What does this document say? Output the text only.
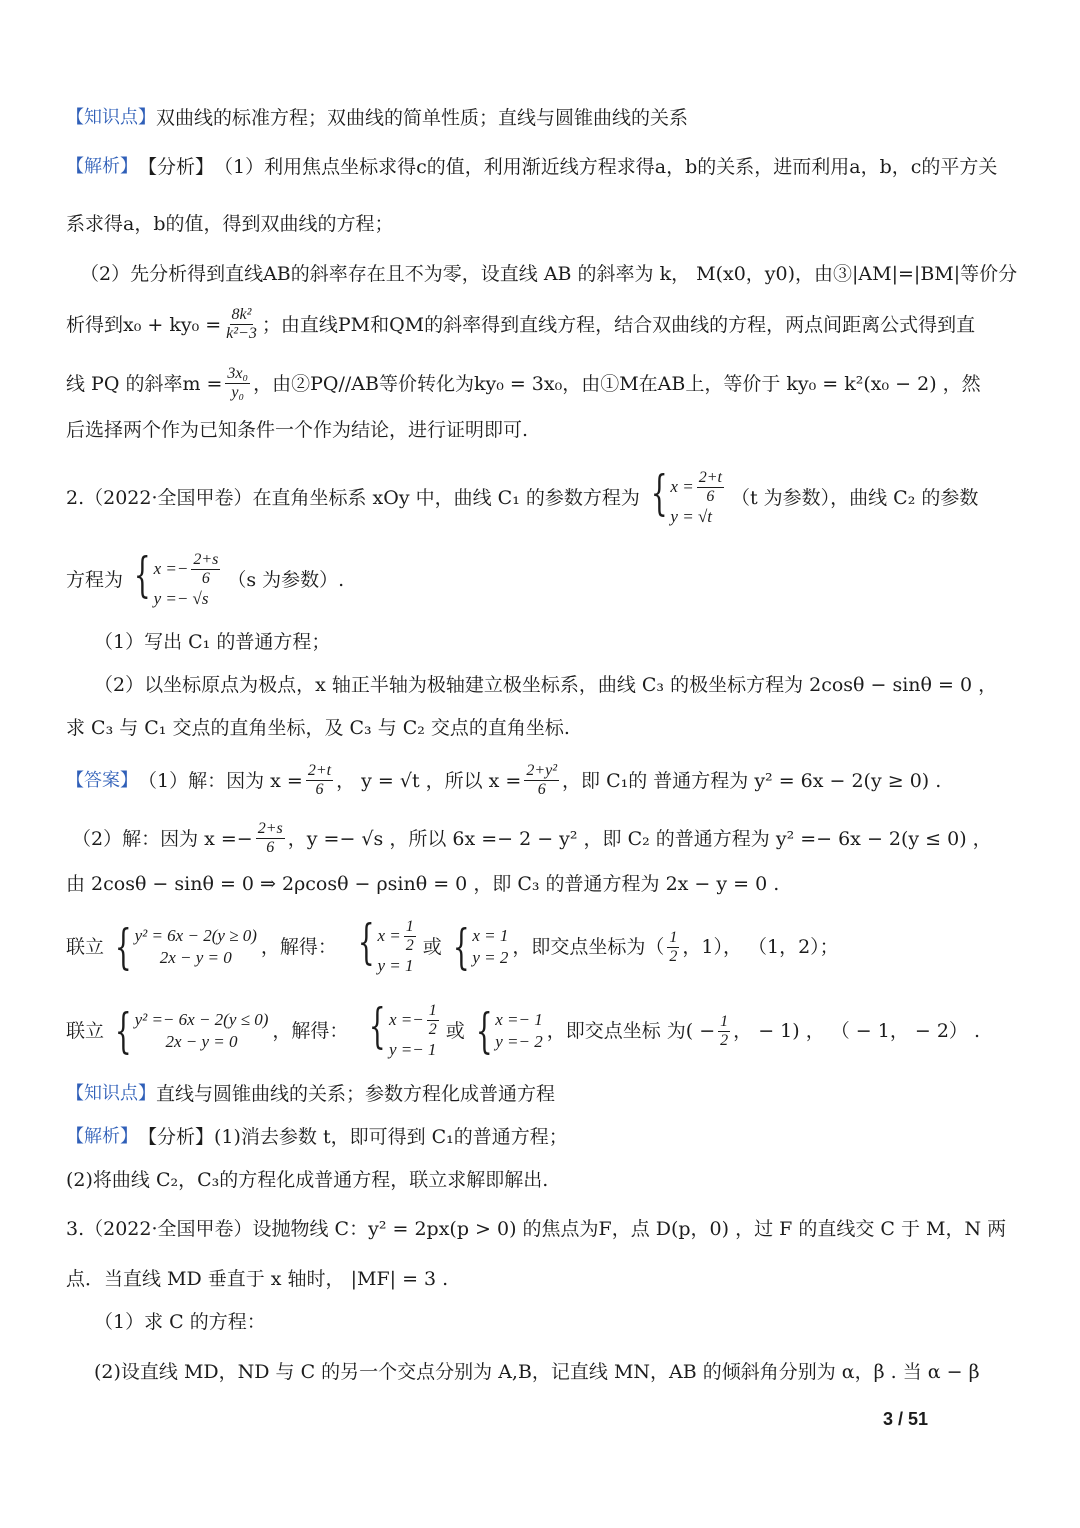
【知识点】 双曲线的标准方程；双曲线的简单性质；直线与圆锥曲线的关系
【解析】 【分析】 （1）利用焦点坐标求得c的值，利用渐近线方程求得a，b的关系，进而利用a，b，c的平方关
系求得a，b的值，得到双曲线的方程；
（2）先分析得到直线AB的斜率存在且不为零，设直线 AB 的斜率为 k， M(x0，y0)，由③|AM|=|BM|等价分
析得到$x_0 + ky_0 = \frac{\text{8k²}}{\text{k²−3}}$ ；由直线PM和QM的斜率得到直线方程，结合双曲线的方程，两点间距离公式得到直
线 PQ 的斜率$m = \frac{\text{3x₀}}{\text{y₀}}$ ，由②PQ//AB等价转化为ky₀ = 3x₀，由①M在AB上，等价于 ky₀ = k²(x₀ − 2) ，然
后选择两个作为已知条件一个作为结论，进行证明即可.
2.（2022·全国甲卷）在直角坐标系 xOy 中，曲线 C₁ 的参数方程为 { $x = \frac{2+t}{6}$
y = √t
（t 为参数），曲线 C₂ 的参数
方程为 { $x =- \frac{2+s}{6}$
y =− √s
（s 为参数）.
（1）写出 C₁ 的普通方程；
（2）以坐标原点为极点，x 轴正半轴为极轴建立极坐标系，曲线 C₃ 的极坐标方程为 2cosθ − sinθ = 0 ，
求 C₃ 与 C₁ 交点的直角坐标，及 C₃ 与 C₂ 交点的直角坐标.
【答案】 （1）解：因为 $x = \frac{2+t}{6}$ ， y = √t ，所以 $x = \frac{\text{2+y²}}{6}$ ，即 C₁的 普通方程为 y² = 6x − 2(y ≥ 0) .
（2）解：因为 $x =- \frac{2+s}{6}$ ，y =− √s ，所以 6x =− 2 − y² ，即 C₂ 的普通方程为 y² =− 6x − 2(y ≤ 0) ，
由 2cosθ − sinθ = 0 ⇒ 2ρcosθ − ρsinθ = 0 ，即 C₃ 的普通方程为 2x − y = 0 .
联立 { y² = 6x − 2(y ≥ 0)
2x − y = 0 ，解得： { $x = \frac{1}{2}$
y = 1
或 { x = 1
y = 2 ，即交点坐标为（ $\frac{1}{2}$ ，1）， （1，2）；
联立 { y² =− 6x − 2(y ≤ 0)
2x − y = 0 ，解得： { $x =- \frac{1}{2}$
y =− 1
或 { x =− 1
y =− 2 ，即交点坐标 为( − $\frac{1}{2}$ ， − 1) ， （ − 1， − 2） .
【知识点】 直线与圆锥曲线的关系；参数方程化成普通方程
【解析】 【分析】 (1)消去参数 t，即可得到 C₁的普通方程；
(2)将曲线 C₂，C₃的方程化成普通方程，联立求解即解出.
3.（2022·全国甲卷）设抛物线 C：y² = 2px(p > 0) 的焦点为F，点 D(p，0) ，过 F 的直线交 C 于 M，N 两
点．当直线 MD 垂直于 x 轴时， |MF| = 3 .
（1）求 C 的方程：
(2)设直线 MD，ND 与 C 的另一个交点分别为 A,B，记直线 MN，AB 的倾斜角分别为 α，β . 当 α − β
3 / 51
